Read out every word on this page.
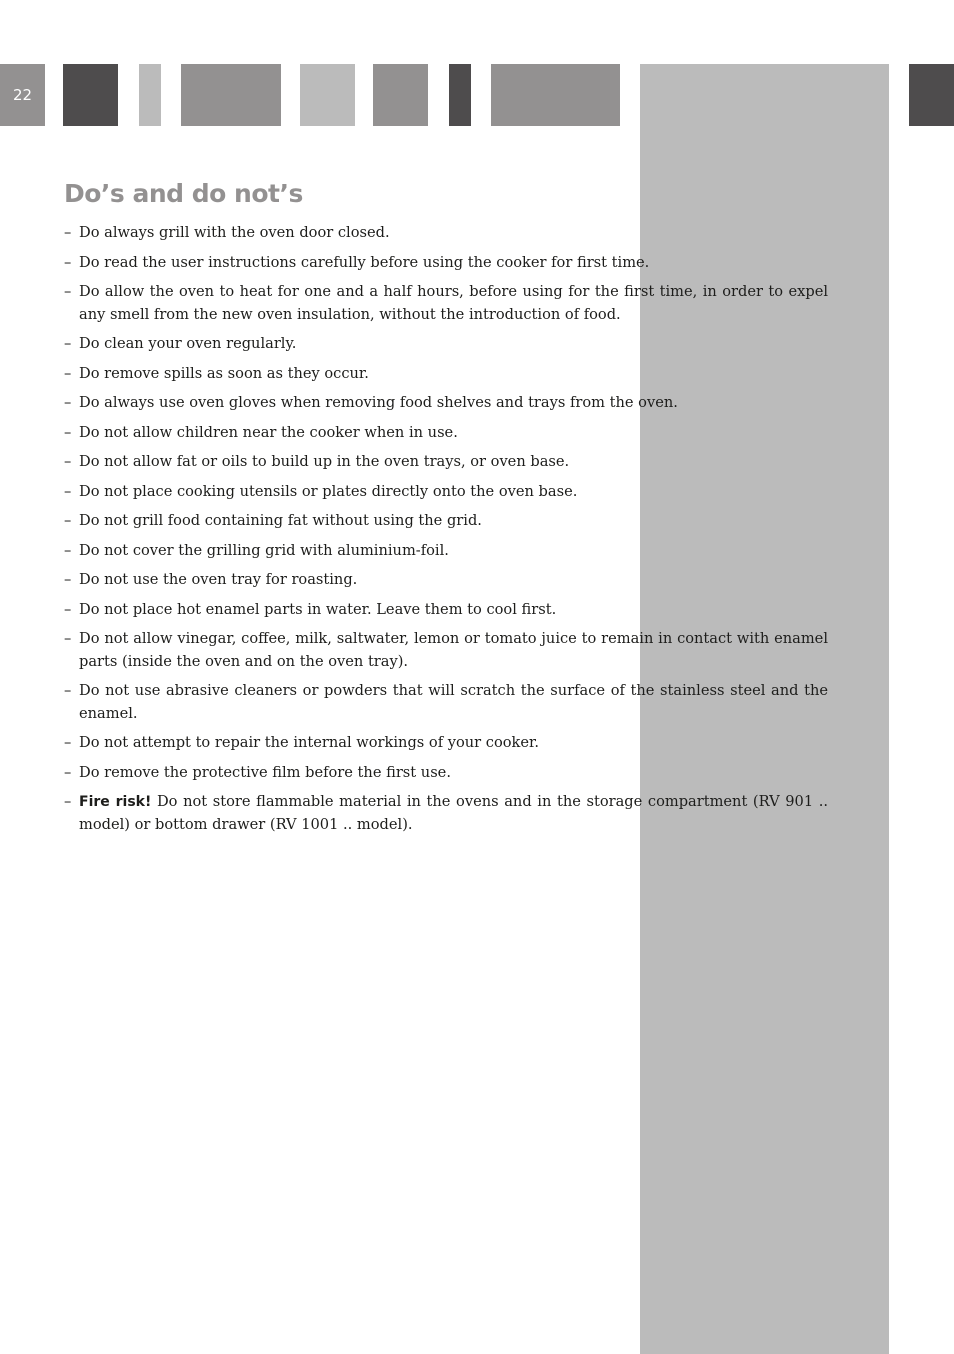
22
Do’s and do not’s
– Do always grill with the oven door closed.
– Do read the user instructions carefully before using the cooker for first time.
– Do allow the oven to heat for one and a half hours, before using for the first time, in order to expel any smell from the new oven insulation, without the introduction of food.
– Do clean your oven regularly.
– Do remove spills as soon as they occur.
– Do always use oven gloves when removing food shelves and trays from the oven.
– Do not allow children near the cooker when in use.
– Do not allow fat or oils to build up in the oven trays, or oven base.
– Do not place cooking utensils or plates directly onto the oven base.
– Do not grill food containing fat without using the grid.
– Do not cover the grilling grid with aluminium-foil.
– Do not use the oven tray for roasting.
– Do not place hot enamel parts in water. Leave them to cool first.
– Do not allow vinegar, coffee, milk, saltwater, lemon or tomato juice to remain in contact with enamel parts (inside the oven and on the oven tray).
– Do not use abrasive cleaners or powders that will scratch the surface of the stainless steel and the enamel.
– Do not attempt to repair the internal workings of your cooker.
– Do remove the protective film before the first use.
– Fire risk! Do not store flammable material in the ovens and in the storage compartment (RV 901 .. model) or bottom drawer (RV 1001 .. model).
